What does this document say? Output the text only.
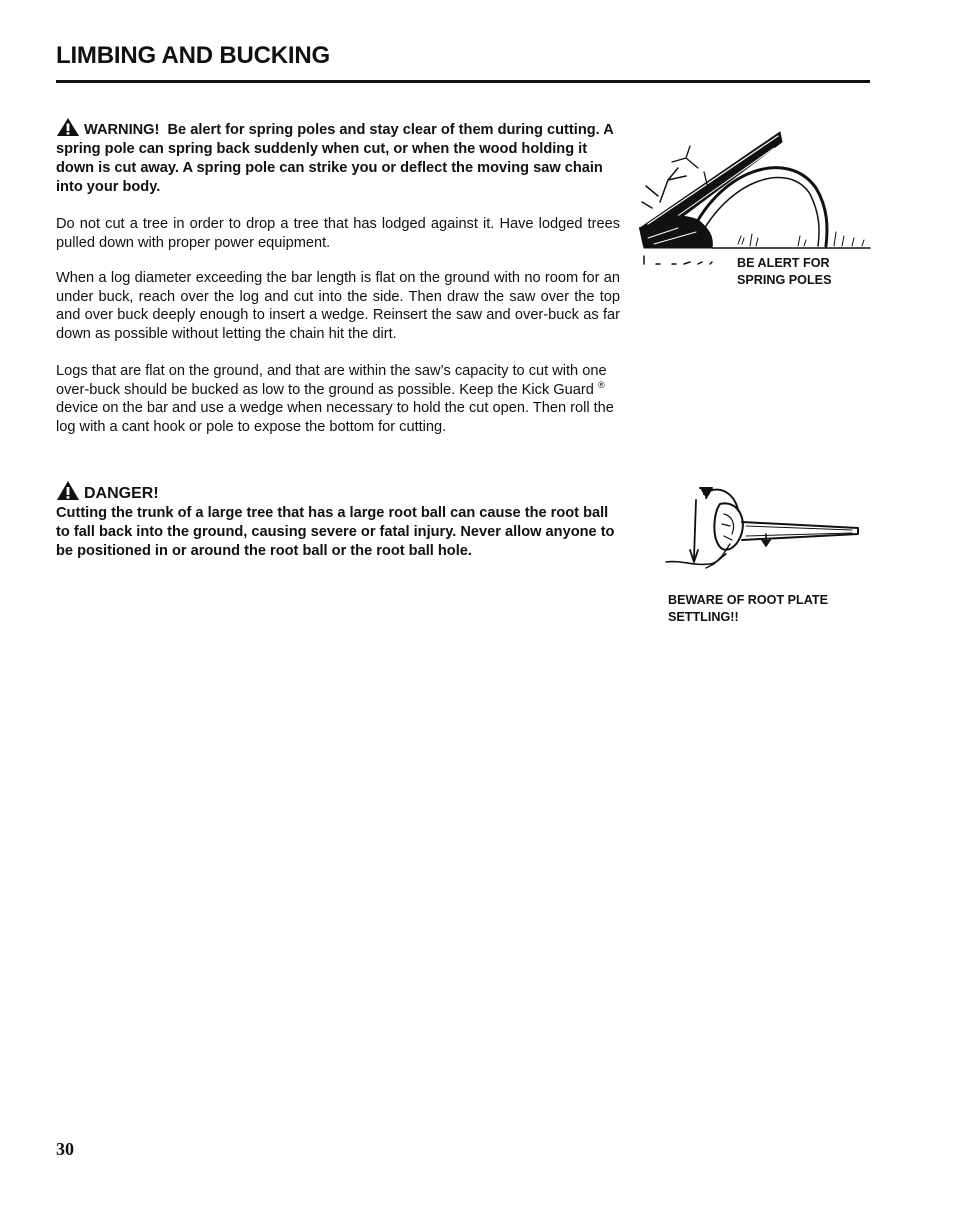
LIMBING AND BUCKING
WARNING! Be alert for spring poles and stay clear of them during cutting. A spring pole can spring back suddenly when cut, or when the wood holding it down is cut away. A spring pole can strike you or deflect the moving saw chain into your body.
Do not cut a tree in order to drop a tree that has lodged against it. Have lodged trees pulled down with proper power equipment.
When a log diameter exceeding the bar length is flat on the ground with no room for an under buck, reach over the log and cut into the side. Then draw the saw over the top and over buck deeply enough to insert a wedge. Reinsert the saw and over-buck as far down as possible without letting the chain hit the dirt.
Logs that are flat on the ground, and that are within the saw’s capacity to cut with one over-buck should be bucked as low to the ground as possible. Keep the Kick Guard ® device on the bar and use a wedge when necessary to hold the cut open. Then roll the log with a cant hook or pole to expose the bottom for cutting.
DANGER!
Cutting the trunk of a large tree that has a large root ball can cause the root ball to fall back into the ground, causing severe or fatal injury. Never allow anyone to be positioned in or around the root ball or the root ball hole.
BE ALERT FOR
SPRING POLES
BEWARE OF ROOT PLATE
SETTLING!!
30
